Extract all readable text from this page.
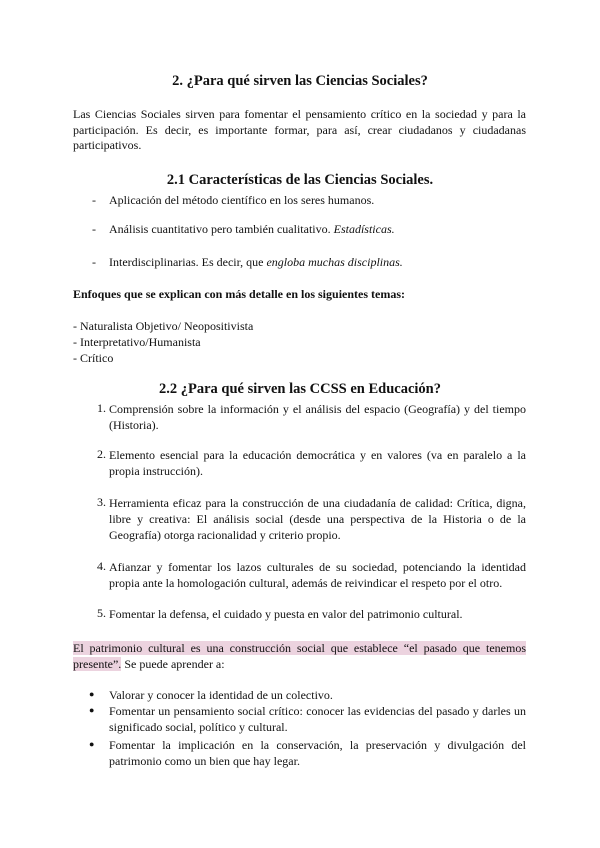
2. ¿Para qué sirven las Ciencias Sociales?
Las Ciencias Sociales sirven para fomentar el pensamiento crítico en la sociedad y para la participación. Es decir, es importante formar, para así, crear ciudadanos y ciudadanas participativos.
2.1 Características de las Ciencias Sociales.
- Aplicación del método científico en los seres humanos.
- Análisis cuantitativo pero también cualitativo. Estadísticas.
- Interdisciplinarias. Es decir, que engloba muchas disciplinas.
Enfoques que se explican con más detalle en los siguientes temas:
- Naturalista Objetivo/ Neopositivista
- Interpretativo/Humanista
- Crítico
2.2 ¿Para qué sirven las CCSS en Educación?
1. Comprensión sobre la información y el análisis del espacio (Geografía) y del tiempo (Historia).
2. Elemento esencial para la educación democrática y en valores (va en paralelo a la propia instrucción).
3. Herramienta eficaz para la construcción de una ciudadanía de calidad: Crítica, digna, libre y creativa: El análisis social (desde una perspectiva de la Historia o de la Geografía) otorga racionalidad y criterio propio.
4. Afianzar y fomentar los lazos culturales de su sociedad, potenciando la identidad propia ante la homologación cultural, además de reivindicar el respeto por el otro.
5. Fomentar la defensa, el cuidado y puesta en valor del patrimonio cultural.
El patrimonio cultural es una construcción social que establece “el pasado que tenemos presente”. Se puede aprender a:
● Valorar y conocer la identidad de un colectivo.
● Fomentar un pensamiento social crítico: conocer las evidencias del pasado y darles un significado social, político y cultural.
● Fomentar la implicación en la conservación, la preservación y divulgación del patrimonio como un bien que hay legar.
